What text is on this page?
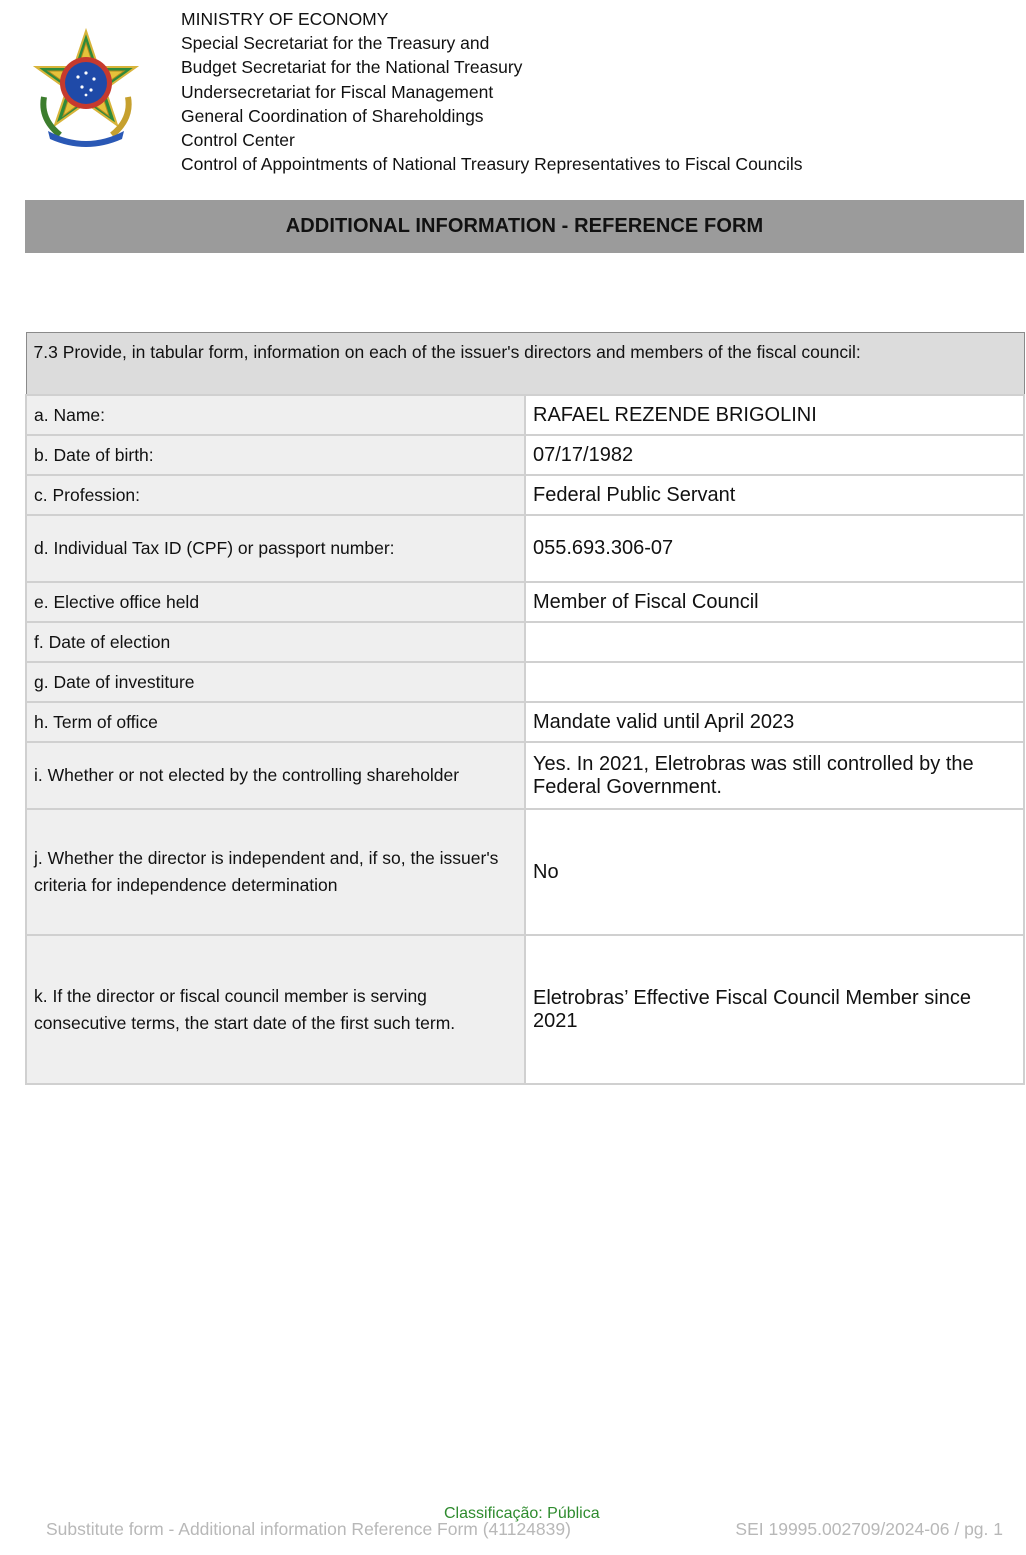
MINISTRY OF ECONOMY
Special Secretariat for the Treasury and
Budget Secretariat for the National Treasury
Undersecretariat for Fiscal Management
General Coordination of Shareholdings
Control Center
Control of Appointments of National Treasury Representatives to Fiscal Councils
ADDITIONAL INFORMATION - REFERENCE FORM
7.3 Provide, in tabular form, information on each of the issuer's directors and members of the fiscal council:	
a. Name:	RAFAEL REZENDE BRIGOLINI
b. Date of birth:	07/17/1982
c. Profession:	Federal Public Servant
d. Individual Tax ID (CPF) or passport number:	055.693.306-07
e. Elective office held	Member of Fiscal Council
f. Date of election	
g. Date of investiture	
h. Term of office	Mandate valid until April 2023
i. Whether or not elected by the controlling shareholder	Yes. In 2021, Eletrobras was still controlled by the Federal Government.
j. Whether the director is independent and, if so, the issuer's criteria for independence determination	No
k. If the director or fiscal council member is serving consecutive terms, the start date of the first such term.	Eletrobras’ Effective Fiscal Council Member since 2021
Classificação: Pública
Substitute form - Additional information Reference Form (41124839)	SEI 19995.002709/2024-06 / pg. 1
